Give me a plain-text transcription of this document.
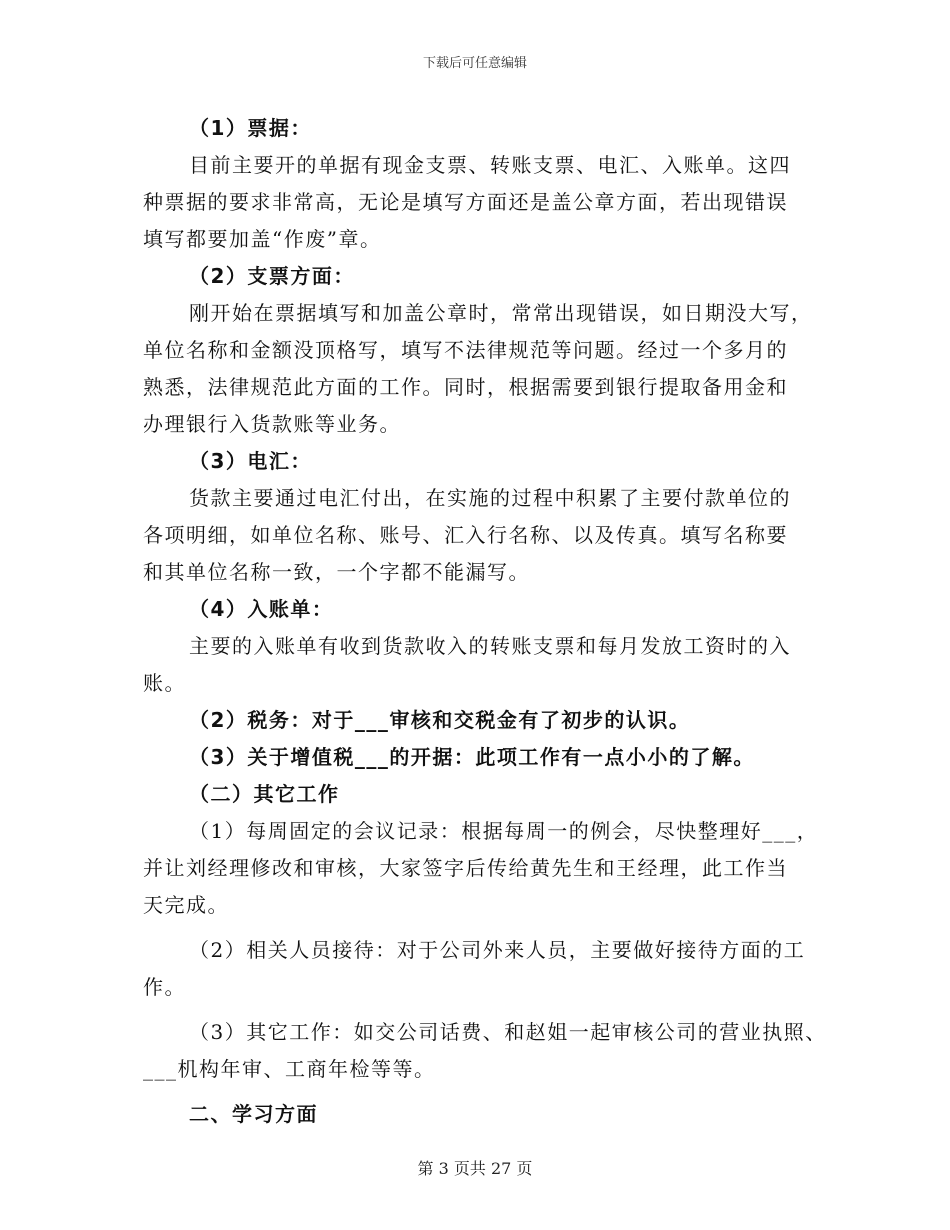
下载后可任意编辑
（1）票据：
目前主要开的单据有现金支票、转账支票、电汇、入账单。这四
种票据的要求非常高，无论是填写方面还是盖公章方面，若出现错误
填写都要加盖“作废”章。
（2）支票方面：
刚开始在票据填写和加盖公章时，常常出现错误，如日期没大写，
单位名称和金额没顶格写，填写不法律规范等问题。经过一个多月的
熟悉，法律规范此方面的工作。同时，根据需要到银行提取备用金和
办理银行入货款账等业务。
（3）电汇：
货款主要通过电汇付出，在实施的过程中积累了主要付款单位的
各项明细，如单位名称、账号、汇入行名称、以及传真。填写名称要
和其单位名称一致，一个字都不能漏写。
（4）入账单：
主要的入账单有收到货款收入的转账支票和每月发放工资时的入
账。
（2）税务：对于___审核和交税金有了初步的认识。
（3）关于增值税___的开据：此项工作有一点小小的了解。
（二）其它工作
（1）每周固定的会议记录：根据每周一的例会，尽快整理好___，
并让刘经理修改和审核，大家签字后传给黄先生和王经理，此工作当
天完成。
（2）相关人员接待：对于公司外来人员，主要做好接待方面的工
作。
（3）其它工作：如交公司话费、和赵姐一起审核公司的营业执照、
___机构年审、工商年检等等。
二、学习方面
第 3 页共 27 页
